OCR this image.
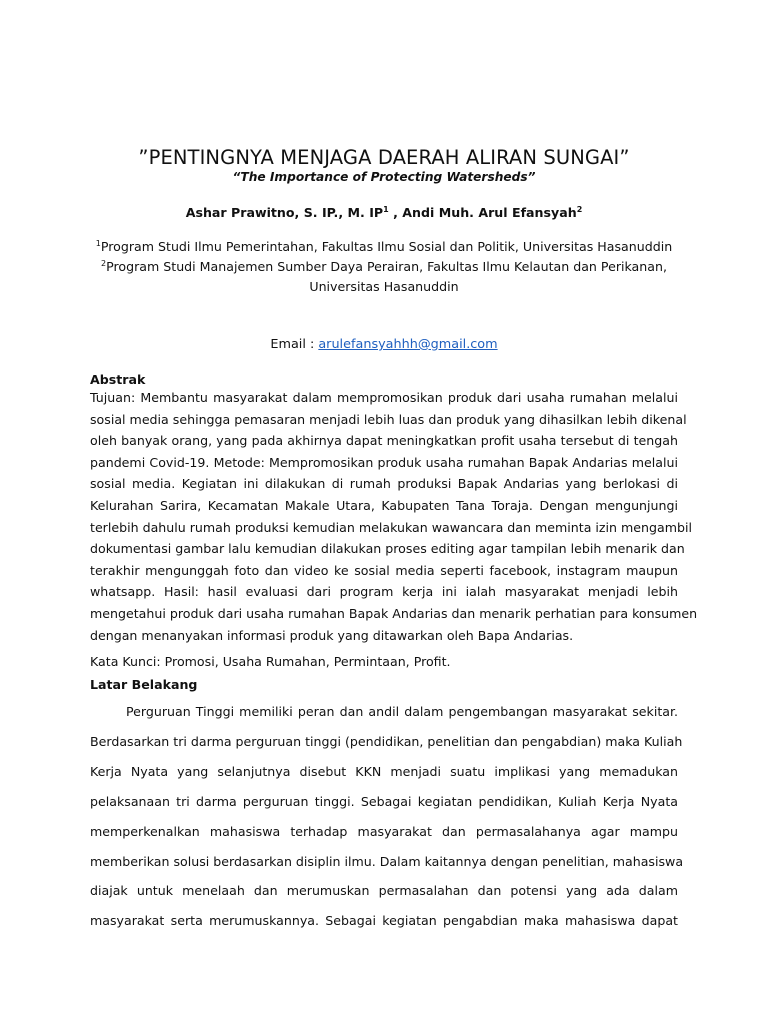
”PENTINGNYA MENJAGA DAERAH ALIRAN SUNGAI”
“The Importance of Protecting Watersheds”
Ashar Prawitno, S. IP., M. $IP^1$ , Andi Muh. Arul Efansyah$^2$
$^1$Program Studi Ilmu Pemerintahan, Fakultas Ilmu Sosial dan Politik, Universitas Hasanuddin
$^2$Program Studi Manajemen Sumber Daya Perairan, Fakultas Ilmu Kelautan dan Perikanan,
Universitas Hasanuddin
Email : arulefansyahhh@gmail.com
Abstrak
Tujuan: Membantu masyarakat dalam mempromosikan produk dari usaha rumahan melalui
sosial media sehingga pemasaran menjadi lebih luas dan produk yang dihasilkan lebih dikenal
oleh banyak orang, yang pada akhirnya dapat meningkatkan profit usaha tersebut di tengah
pandemi Covid-19. Metode: Mempromosikan produk usaha rumahan Bapak Andarias melalui
sosial media. Kegiatan ini dilakukan di rumah produksi Bapak Andarias yang berlokasi di
Kelurahan Sarira, Kecamatan Makale Utara, Kabupaten Tana Toraja. Dengan mengunjungi
terlebih dahulu rumah produksi kemudian melakukan wawancara dan meminta izin mengambil
dokumentasi gambar lalu kemudian dilakukan proses editing agar tampilan lebih menarik dan
terakhir mengunggah foto dan video ke sosial media seperti facebook, instagram maupun
whatsapp. Hasil: hasil evaluasi dari program kerja ini ialah masyarakat menjadi lebih
mengetahui produk dari usaha rumahan Bapak Andarias dan menarik perhatian para konsumen
dengan menanyakan informasi produk yang ditawarkan oleh Bapa Andarias.
Kata Kunci: Promosi, Usaha Rumahan, Permintaan, Profit.
Latar Belakang
Perguruan Tinggi memiliki peran dan andil dalam pengembangan masyarakat sekitar.
Berdasarkan tri darma perguruan tinggi (pendidikan, penelitian dan pengabdian) maka Kuliah
Kerja Nyata yang selanjutnya disebut KKN menjadi suatu implikasi yang memadukan
pelaksanaan tri darma perguruan tinggi. Sebagai kegiatan pendidikan, Kuliah Kerja Nyata
memperkenalkan mahasiswa terhadap masyarakat dan permasalahanya agar mampu
memberikan solusi berdasarkan disiplin ilmu. Dalam kaitannya dengan penelitian, mahasiswa
diajak untuk menelaah dan merumuskan permasalahan dan potensi yang ada dalam
masyarakat serta merumuskannya. Sebagai kegiatan pengabdian maka mahasiswa dapat
